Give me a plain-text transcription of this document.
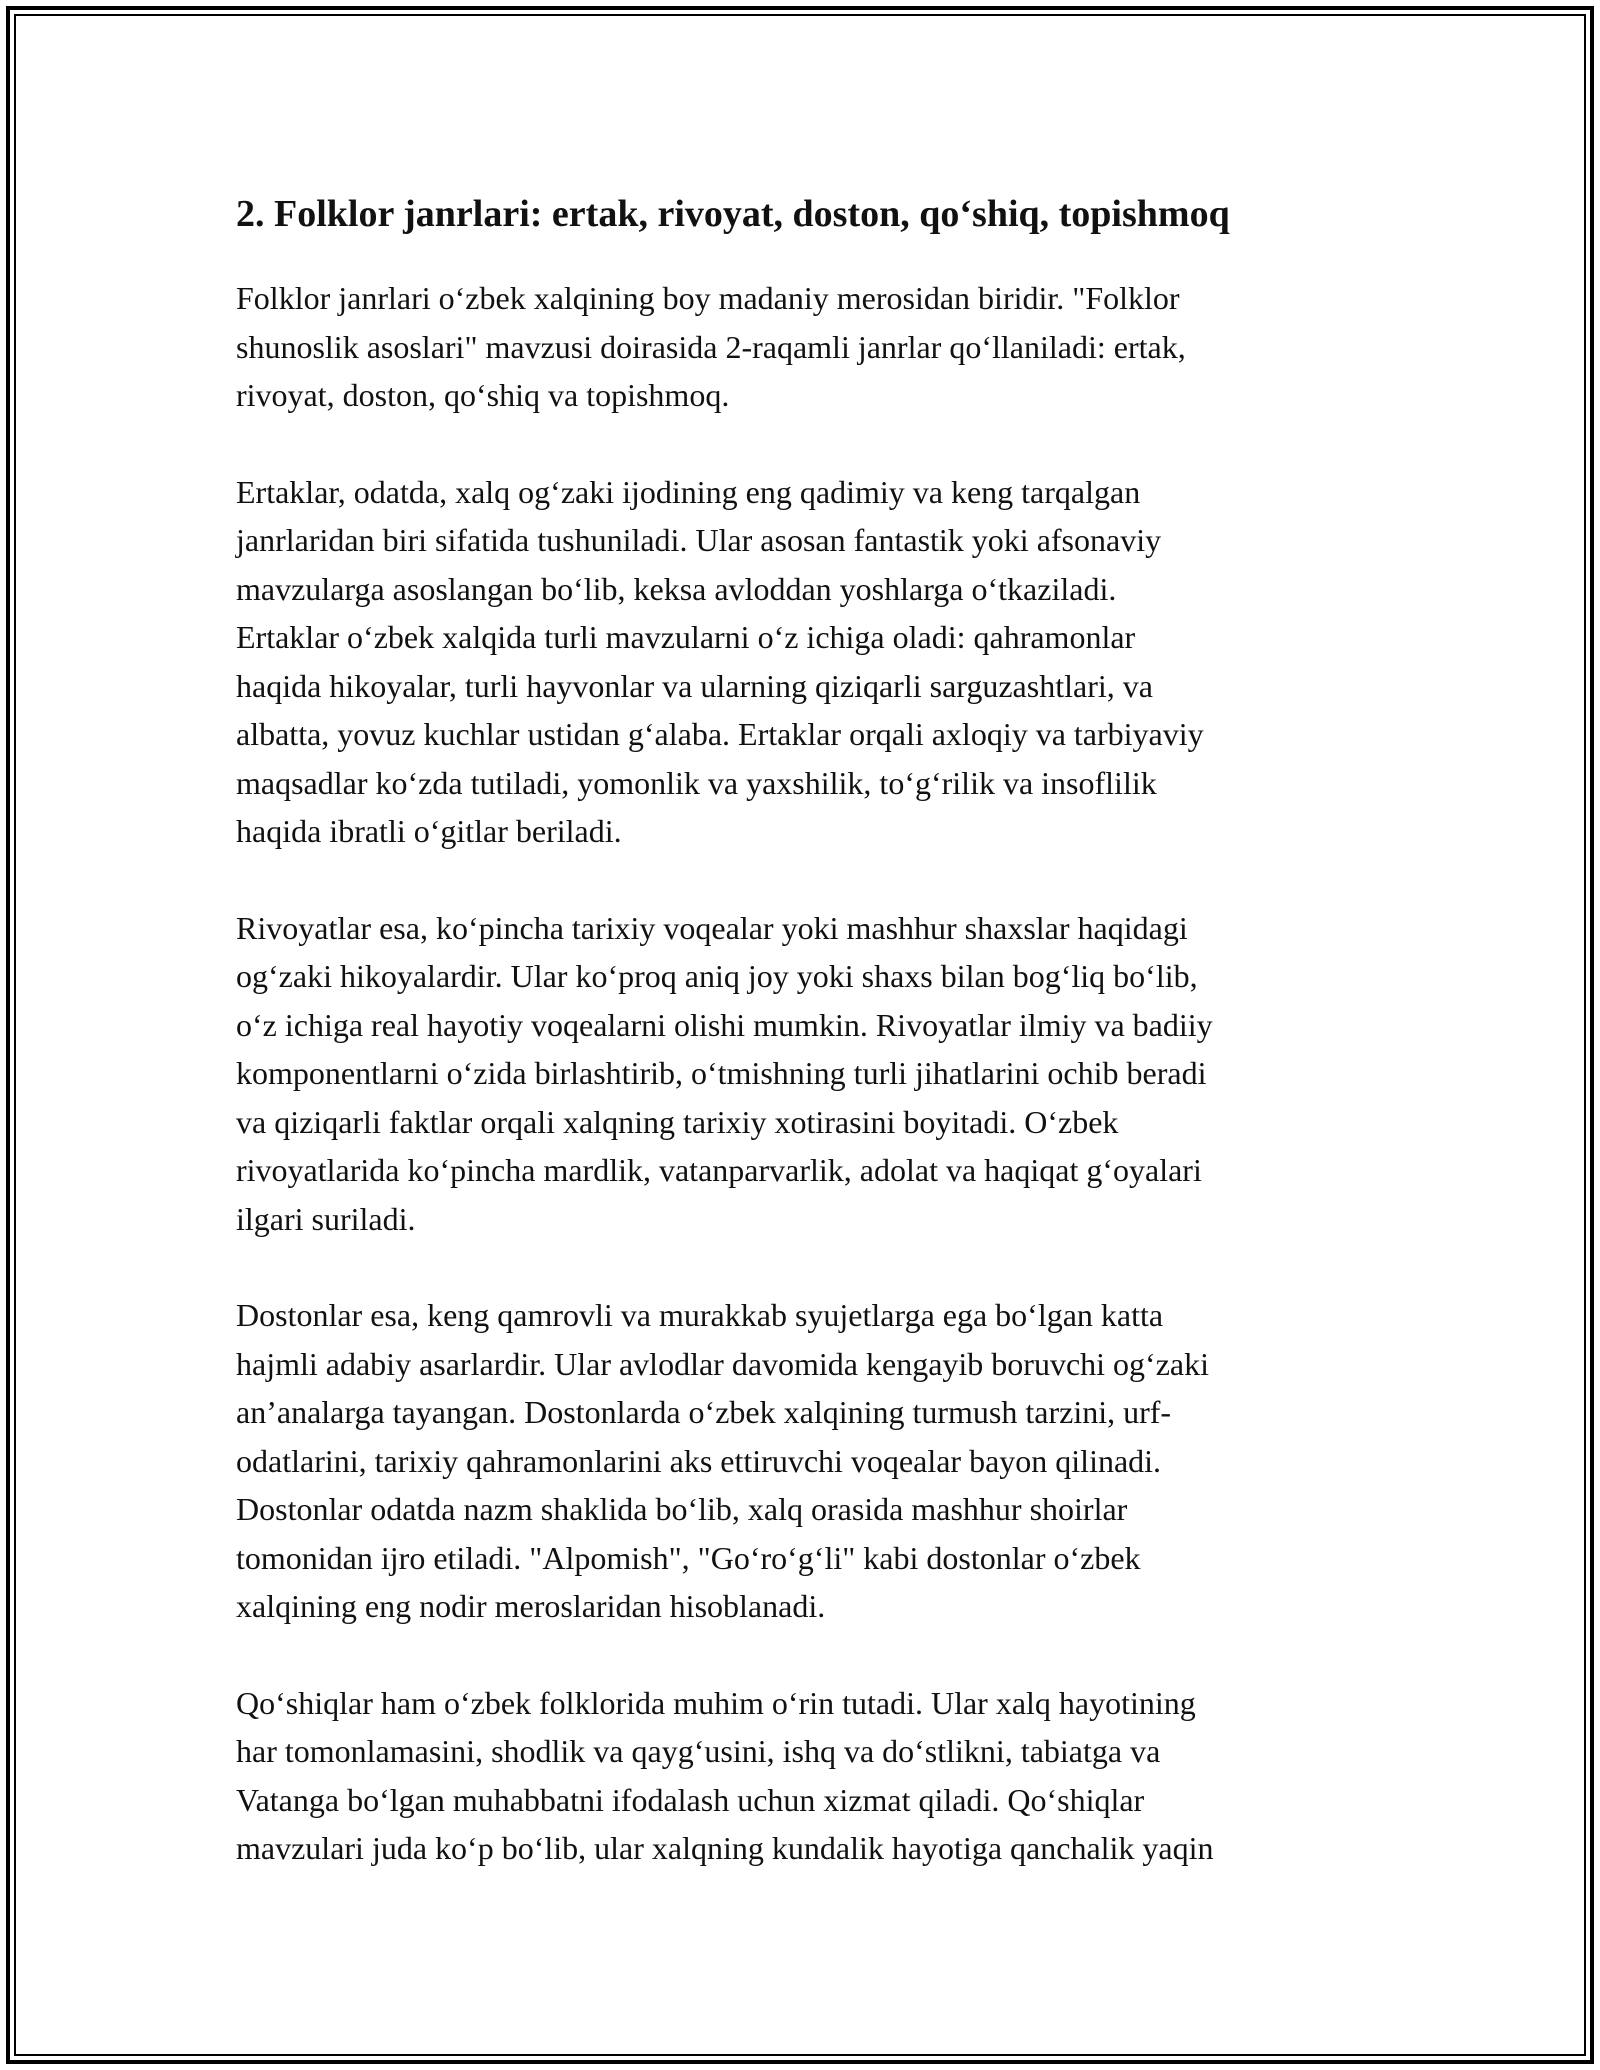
2. Folklor janrlari: ertak, rivoyat, doston, qoʻshiq, topishmoq

Folklor janrlari oʻzbek xalqining boy madaniy merosidan biridir. "Folklor
shunoslik asoslari" mavzusi doirasida 2-raqamli janrlar qoʻllaniladi: ertak,
rivoyat, doston, qoʻshiq va topishmoq.

Ertaklar, odatda, xalq ogʻzaki ijodining eng qadimiy va keng tarqalgan
janrlaridan biri sifatida tushuniladi. Ular asosan fantastik yoki afsonaviy
mavzularga asoslangan boʻlib, keksa avloddan yoshlarga oʻtkaziladi.
Ertaklar oʻzbek xalqida turli mavzularni oʻz ichiga oladi: qahramonlar
haqida hikoyalar, turli hayvonlar va ularning qiziqarli sarguzashtlari, va
albatta, yovuz kuchlar ustidan gʻalaba. Ertaklar orqali axloqiy va tarbiyaviy
maqsadlar koʻzda tutiladi, yomonlik va yaxshilik, toʻgʻrilik va insoflilik
haqida ibratli oʻgitlar beriladi.

Rivoyatlar esa, koʻpincha tarixiy voqealar yoki mashhur shaxslar haqidagi
ogʻzaki hikoyalardir. Ular koʻproq aniq joy yoki shaxs bilan bogʻliq boʻlib,
oʻz ichiga real hayotiy voqealarni olishi mumkin. Rivoyatlar ilmiy va badiiy
komponentlarni oʻzida birlashtirib, oʻtmishning turli jihatlarini ochib beradi
va qiziqarli faktlar orqali xalqning tarixiy xotirasini boyitadi. Oʻzbek
rivoyatlarida koʻpincha mardlik, vatanparvarlik, adolat va haqiqat gʻoyalari
ilgari suriladi.

Dostonlar esa, keng qamrovli va murakkab syujetlarga ega boʻlgan katta
hajmli adabiy asarlardir. Ular avlodlar davomida kengayib boruvchi ogʻzaki
an’analarga tayangan. Dostonlarda oʻzbek xalqining turmush tarzini, urf-
odatlarini, tarixiy qahramonlarini aks ettiruvchi voqealar bayon qilinadi.
Dostonlar odatda nazm shaklida boʻlib, xalq orasida mashhur shoirlar
tomonidan ijro etiladi. "Alpomish", "Goʻroʻgʻli" kabi dostonlar oʻzbek
xalqining eng nodir meroslaridan hisoblanadi.

Qoʻshiqlar ham oʻzbek folklorida muhim oʻrin tutadi. Ular xalq hayotining
har tomonlamasini, shodlik va qaygʻusini, ishq va doʻstlikni, tabiatga va
Vatanga boʻlgan muhabbatni ifodalash uchun xizmat qiladi. Qoʻshiqlar
mavzulari juda koʻp boʻlib, ular xalqning kundalik hayotiga qanchalik yaqin
